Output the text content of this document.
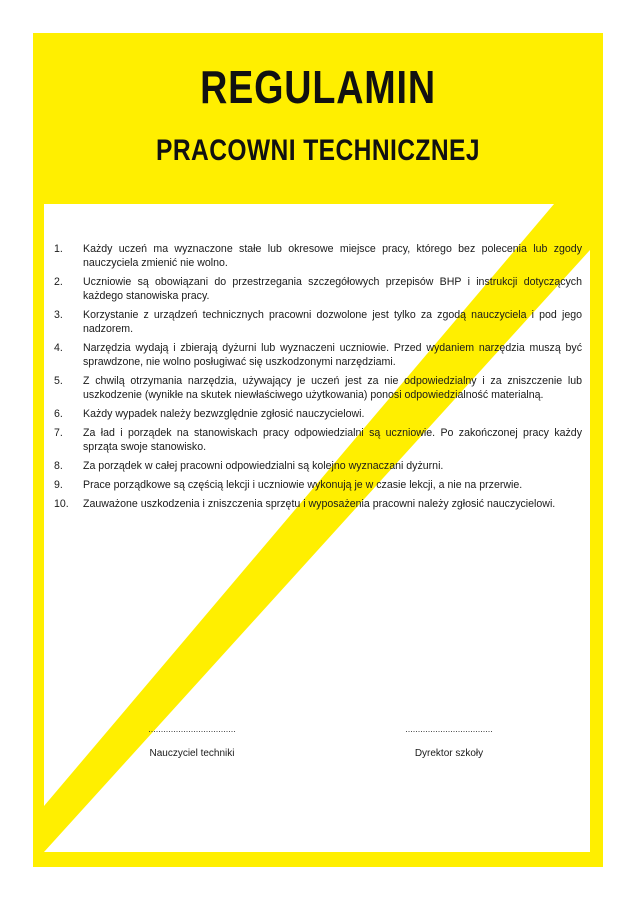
REGULAMIN
PRACOWNI TECHNICZNEJ
1.	Każdy uczeń ma wyznaczone stałe lub okresowe miejsce pracy, którego bez polecenia lub zgody nauczyciela zmienić nie wolno.
2.	Uczniowie są obowiązani do przestrzegania szczegółowych przepisów BHP i instrukcji dotyczących każdego stanowiska pracy.
3.	Korzystanie z urządzeń technicznych pracowni dozwolone jest tylko za zgodą nauczyciela i pod jego nadzorem.
4.	Narzędzia wydają i zbierają dyżurni lub wyznaczeni uczniowie. Przed wydaniem narzędzia muszą być sprawdzone, nie wolno posługiwać się uszkodzonymi narzędziami.
5.	Z chwilą otrzymania narzędzia, używający je uczeń jest za nie odpowiedzialny i za zniszczenie lub uszkodzenie (wynikłe na skutek niewłaściwego użytkowania) ponosi odpowiedzialność materialną.
6.	Każdy wypadek należy bezwzględnie zgłosić nauczycielowi.
7.	Za ład i porządek na stanowiskach pracy odpowiedzialni są uczniowie. Po zakończonej pracy każdy sprząta swoje stanowisko.
8.	Za porządek w całej pracowni odpowiedzialni są kolejno wyznaczani dyżurni.
9.	Prace porządkowe są częścią lekcji i uczniowie wykonują je w czasie lekcji, a nie na przerwie.
10.	Zauważone uszkodzenia i zniszczenia sprzętu i wyposażenia pracowni należy zgłosić nauczycielowi.
...................................
Nauczyciel techniki
...................................
Dyrektor szkoły
